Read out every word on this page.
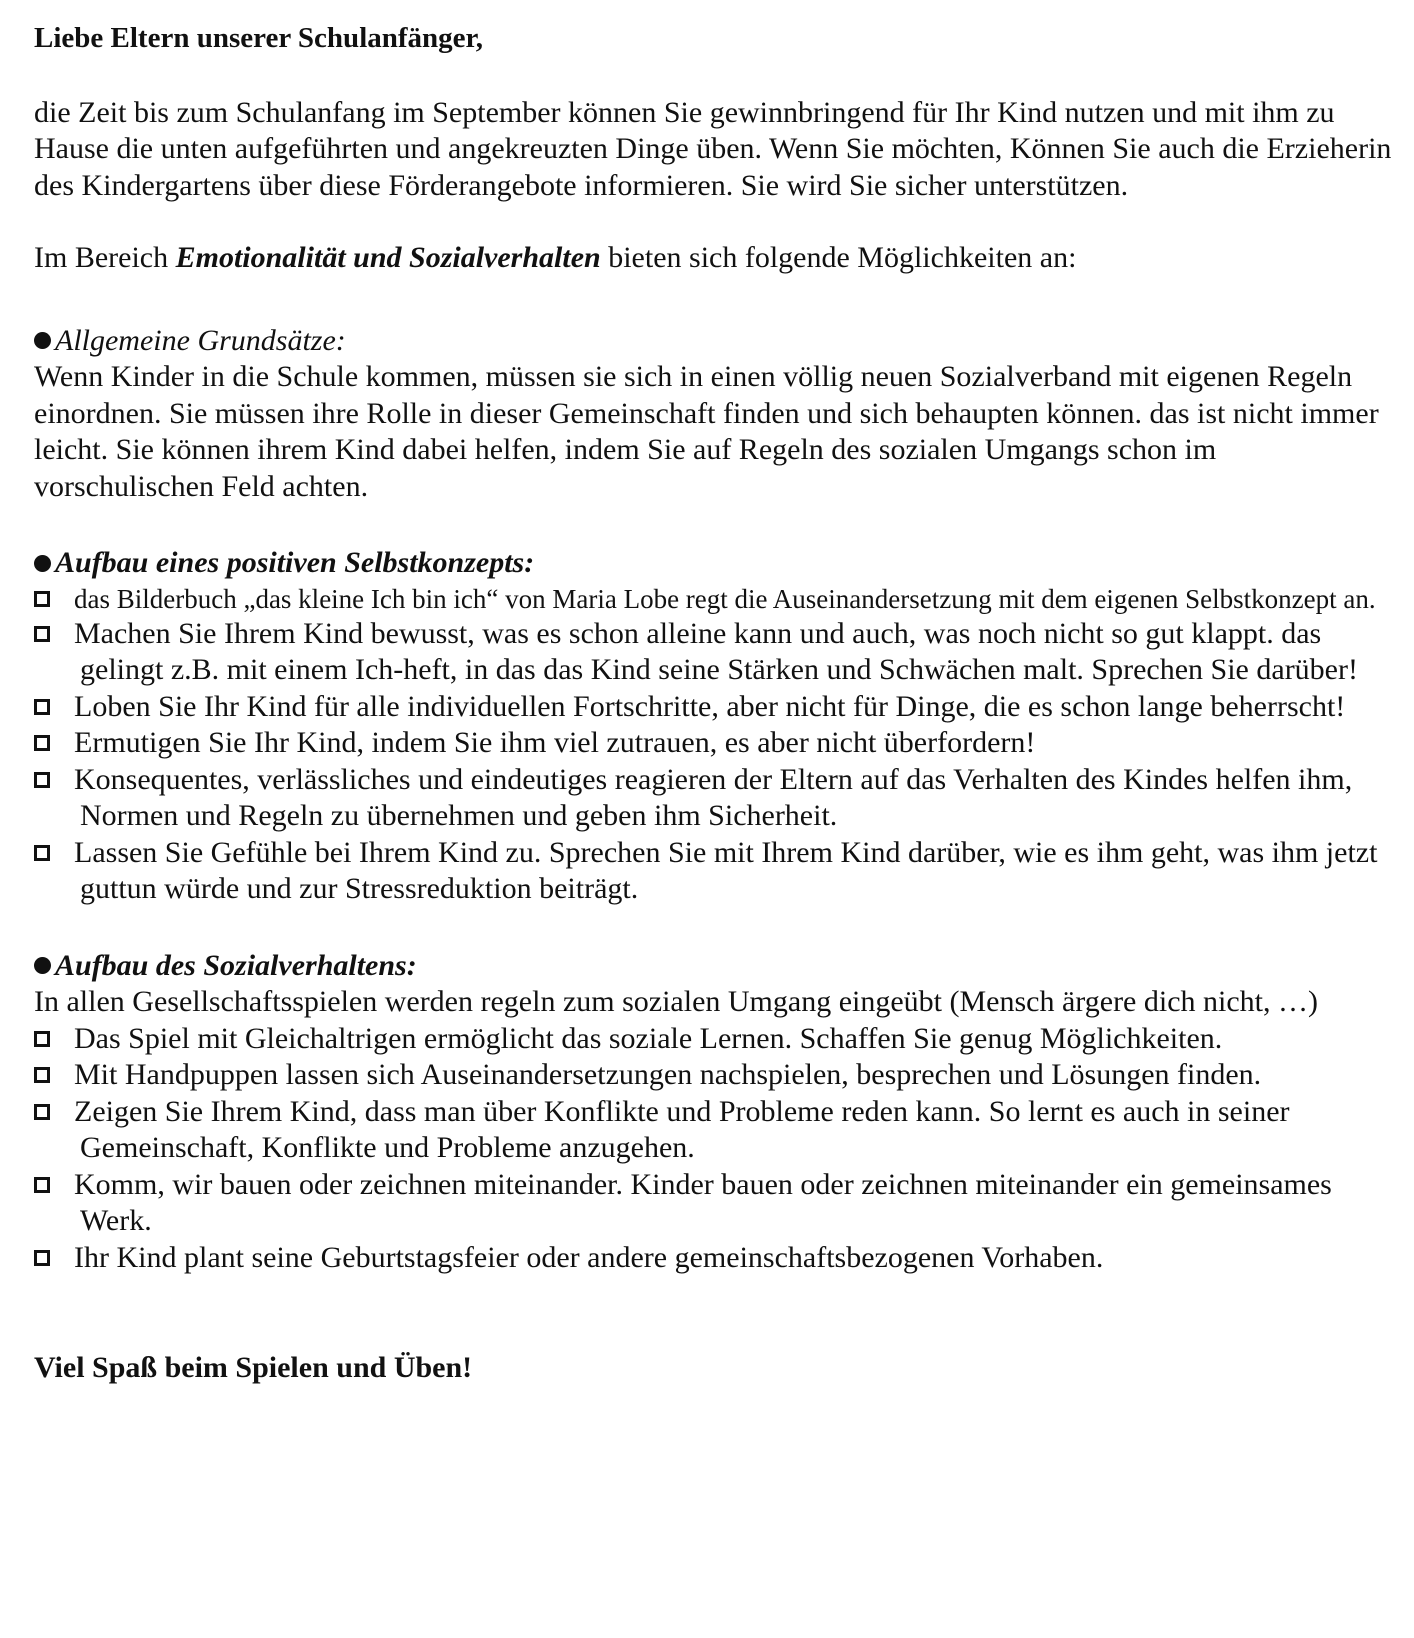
Liebe Eltern unserer Schulanfänger,

die Zeit bis zum Schulanfang im September können Sie gewinnbringend für Ihr Kind nutzen und mit ihm zu Hause die unten aufgeführten und angekreuzten Dinge üben. Wenn Sie möchten, Können Sie auch die Erzieherin des Kindergartens über diese Förderangebote informieren. Sie wird Sie sicher unterstützen.

Im Bereich Emotionalität und Sozialverhalten bieten sich folgende Möglichkeiten an:

Allgemeine Grundsätze:

Wenn Kinder in die Schule kommen, müssen sie sich in einen völlig neuen Sozialverband mit eigenen Regeln einordnen. Sie müssen ihre Rolle in dieser Gemeinschaft finden und sich behaupten können. das ist nicht immer leicht. Sie können ihrem Kind dabei helfen, indem Sie auf Regeln des sozialen Umgangs schon im vorschulischen Feld achten.

Aufbau eines positiven Selbstkonzepts:

das Bilderbuch „das kleine Ich bin ich“ von Maria Lobe regt die Auseinandersetzung mit dem eigenen Selbstkonzept an.

Machen Sie Ihrem Kind bewusst, was es schon alleine kann und auch, was noch nicht so gut klappt. das gelingt z.B. mit einem Ich-heft, in das das Kind seine Stärken und Schwächen malt. Sprechen Sie darüber!

Loben Sie Ihr Kind für alle individuellen Fortschritte, aber nicht für Dinge, die es schon lange beherrscht!

Ermutigen Sie Ihr Kind, indem Sie ihm viel zutrauen, es aber nicht überfordern!

Konsequentes, verlässliches und eindeutiges reagieren der Eltern auf das Verhalten des Kindes helfen ihm, Normen und Regeln zu übernehmen und geben ihm Sicherheit.

Lassen Sie Gefühle bei Ihrem Kind zu. Sprechen Sie mit Ihrem Kind darüber, wie es ihm geht, was ihm jetzt guttun würde und zur Stressreduktion beiträgt.

Aufbau des Sozialverhaltens:

In allen Gesellschaftsspielen werden regeln zum sozialen Umgang eingeübt (Mensch ärgere dich nicht, …)

Das Spiel mit Gleichaltrigen ermöglicht das soziale Lernen. Schaffen Sie genug Möglichkeiten.

Mit Handpuppen lassen sich Auseinandersetzungen nachspielen, besprechen und Lösungen finden.

Zeigen Sie Ihrem Kind, dass man über Konflikte und Probleme reden kann. So lernt es auch in seiner Gemeinschaft, Konflikte und Probleme anzugehen.

Komm, wir bauen oder zeichnen miteinander. Kinder bauen oder zeichnen miteinander ein gemeinsames Werk.

Ihr Kind plant seine Geburtstagsfeier oder andere gemeinschaftsbezogenen Vorhaben.

Viel Spaß beim Spielen und Üben!
